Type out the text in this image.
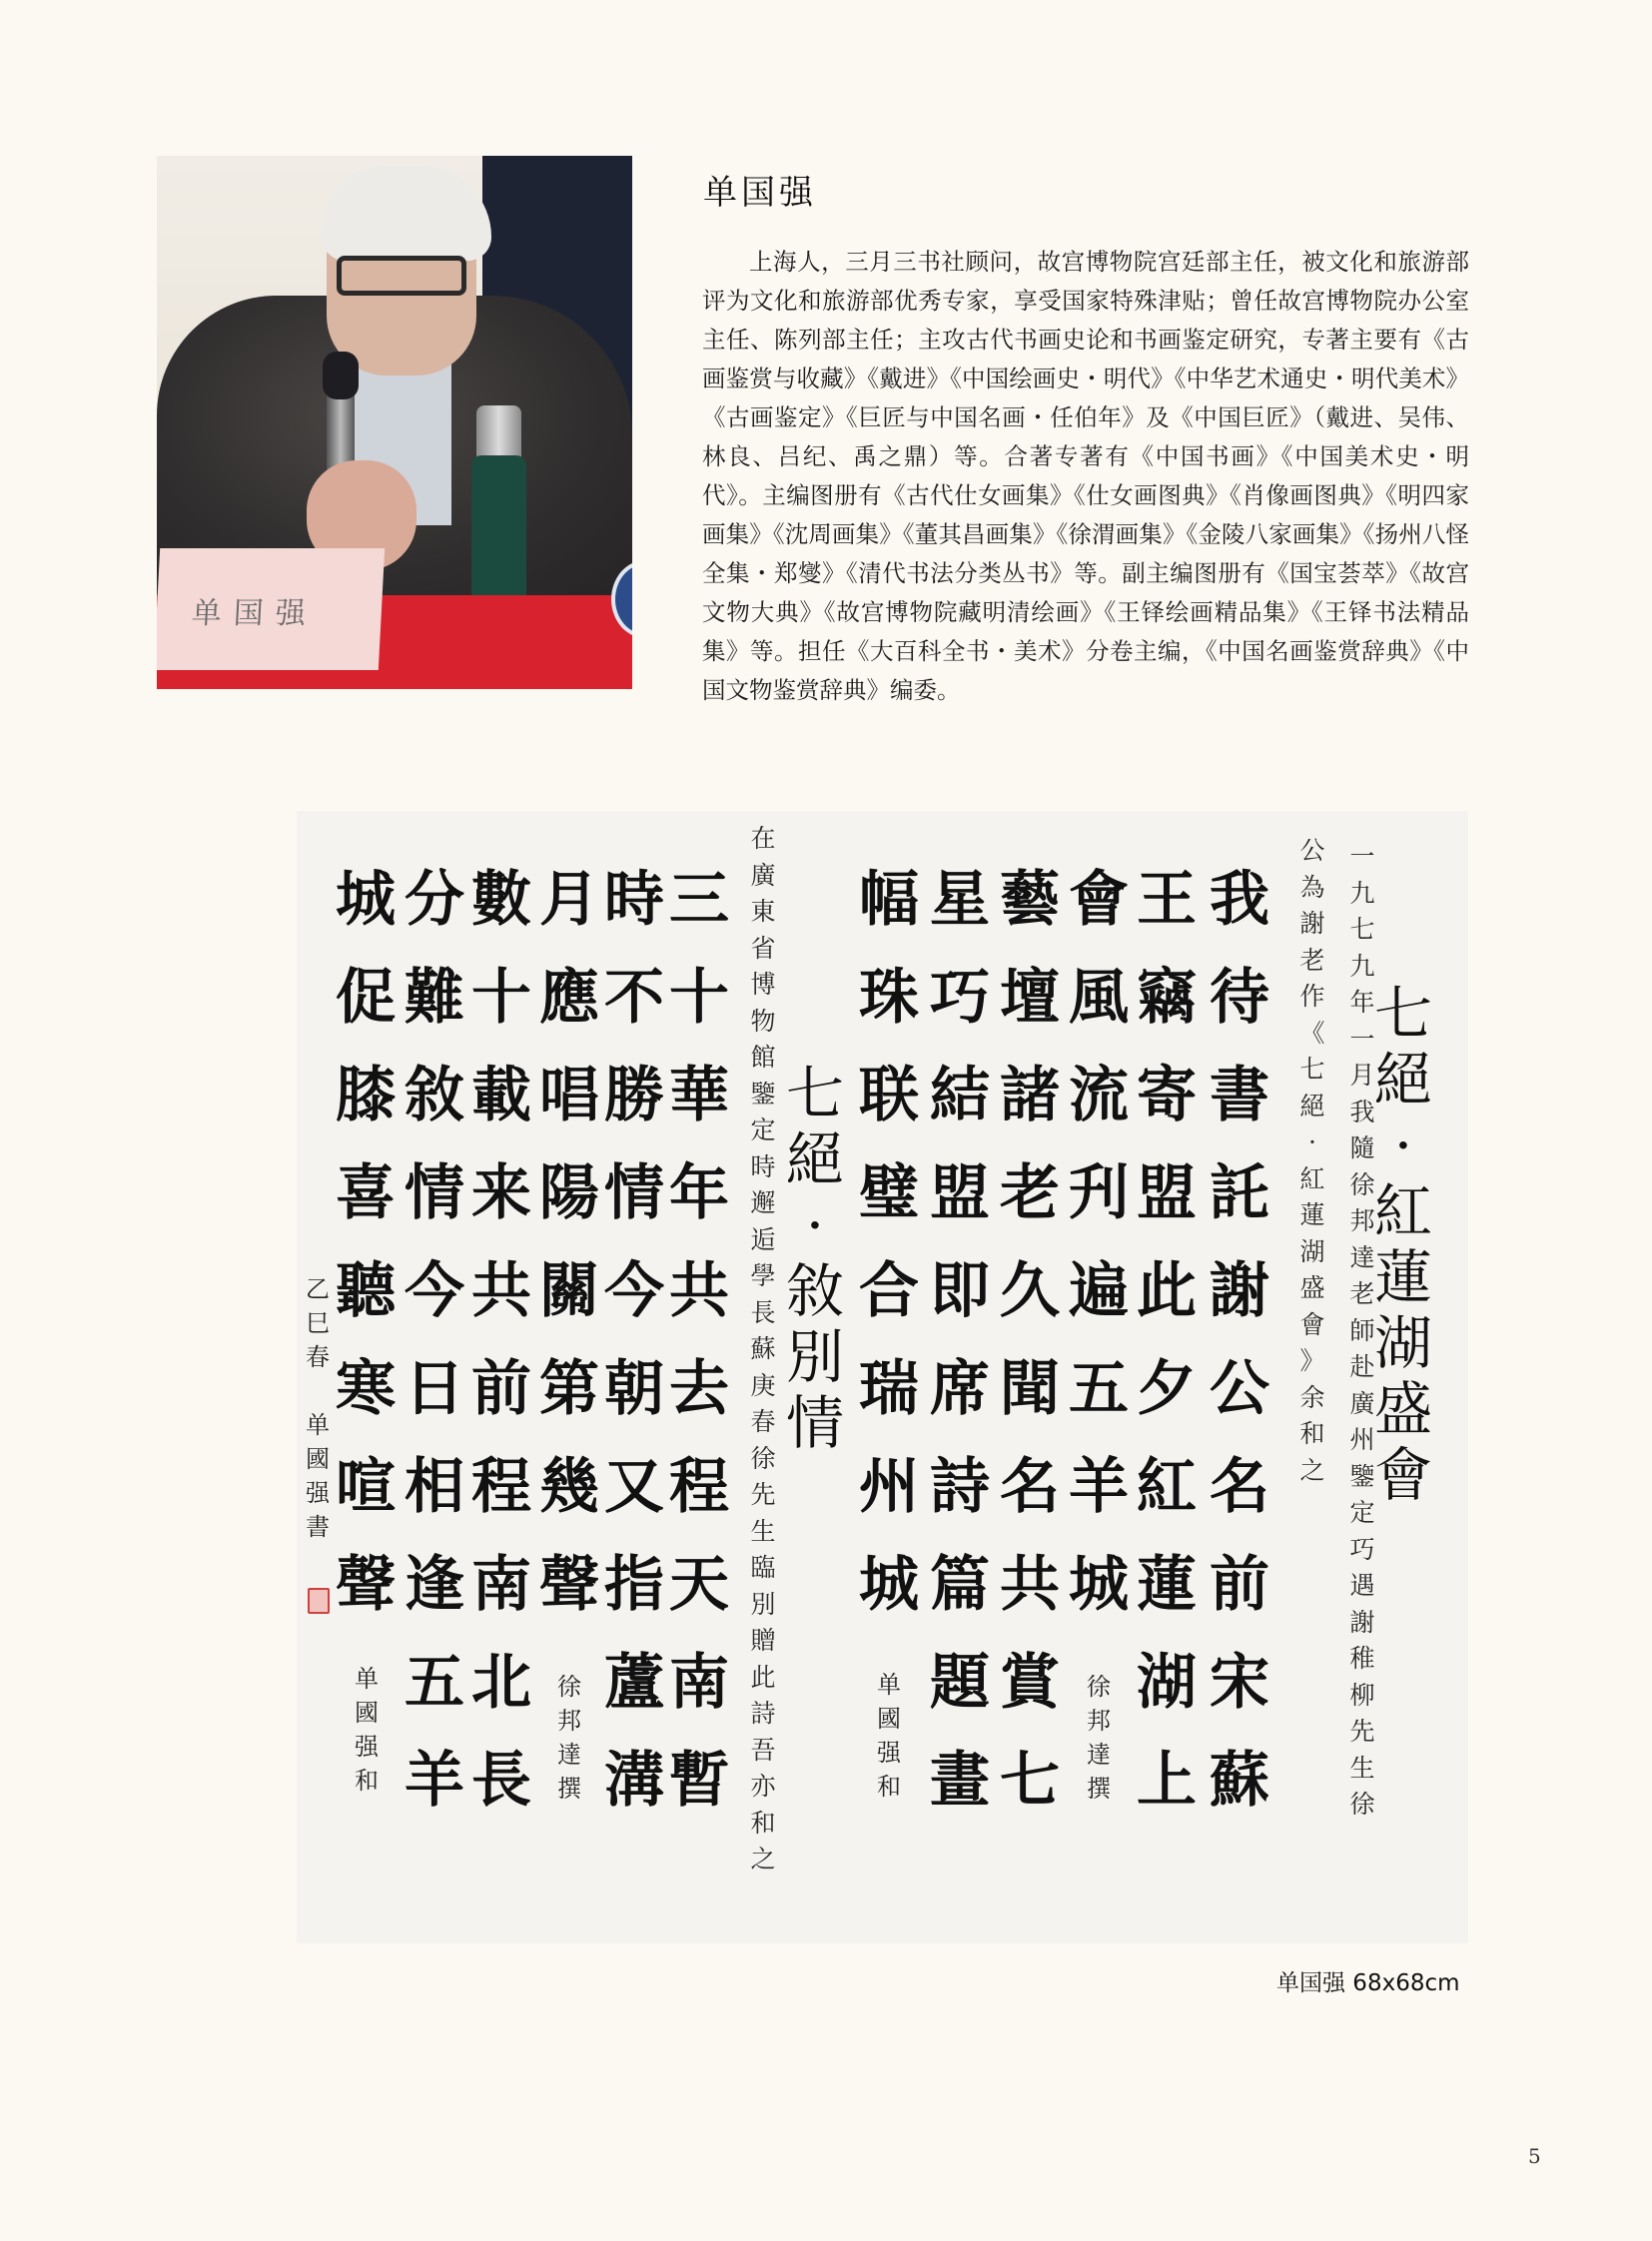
单国强
单国强
上海人，三月三书社顾问，故宫博物院宫廷部主任，被文化和旅游部评为文化和旅游部优秀专家，享受国家特殊津贴；曾任故宫博物院办公室主任、陈列部主任；主攻古代书画史论和书画鉴定研究，专著主要有《古画鉴赏与收藏》《戴进》《中国绘画史・明代》《中华艺术通史・明代美术》《古画鉴定》《巨匠与中国名画・任伯年》及《中国巨匠》（戴进、吴伟、林良、吕纪、禹之鼎）等。合著专著有《中国书画》《中国美术史・明代》。主编图册有《古代仕女画集》《仕女画图典》《肖像画图典》《明四家画集》《沈周画集》《董其昌画集》《徐渭画集》《金陵八家画集》《扬州八怪全集・郑燮》《清代书法分类丛书》等。副主编图册有《国宝荟萃》《故宫文物大典》《故宫博物院藏明清绘画》《王铎绘画精品集》《王铎书法精品集》等。担任《大百科全书・美术》分卷主编，《中国名画鉴赏辞典》《中国文物鉴赏辞典》编委。
七
絕
·
紅
蓮
湖
盛
會
一
九
七
九
年
一
月
我
隨
徐
邦
達
老
師
赴
廣
州
鑒
定
巧
遇
謝
稚
柳
先
生
徐
公
為
謝
老
作
《
七
絕
·
紅
蓮
湖
盛
會
》
余
和
之
我
待
書
託
謝
公
名
前
宋
蘇
王
竊
寄
盟
此
夕
紅
蓮
湖
上
會
風
流
刋
遍
五
羊
城
徐
邦
達
撰
藝
壇
諸
老
久
聞
名
共
賞
七
星
巧
結
盟
即
席
詩
篇
題
畫
幅
珠
联
璧
合
瑞
州
城
单
國
强
和
七
絕
·
敘
別
情
在
廣
東
省
博
物
館
鑒
定
時
邂
逅
學
長
蘇
庚
春
徐
先
生
臨
別
贈
此
詩
吾
亦
和
之
三
十
華
年
共
去
程
天
南
暫
時
不
勝
情
今
朝
又
指
蘆
溝
月
應
唱
陽
關
第
幾
聲
徐
邦
達
撰
數
十
載
来
共
前
程
南
北
長
分
難
敘
情
今
日
相
逢
五
羊
城
促
膝
喜
聽
寒
喧
聲
单
國
强
和
乙
巳
春

单
國
强
書
单国强 68x68cm
5
